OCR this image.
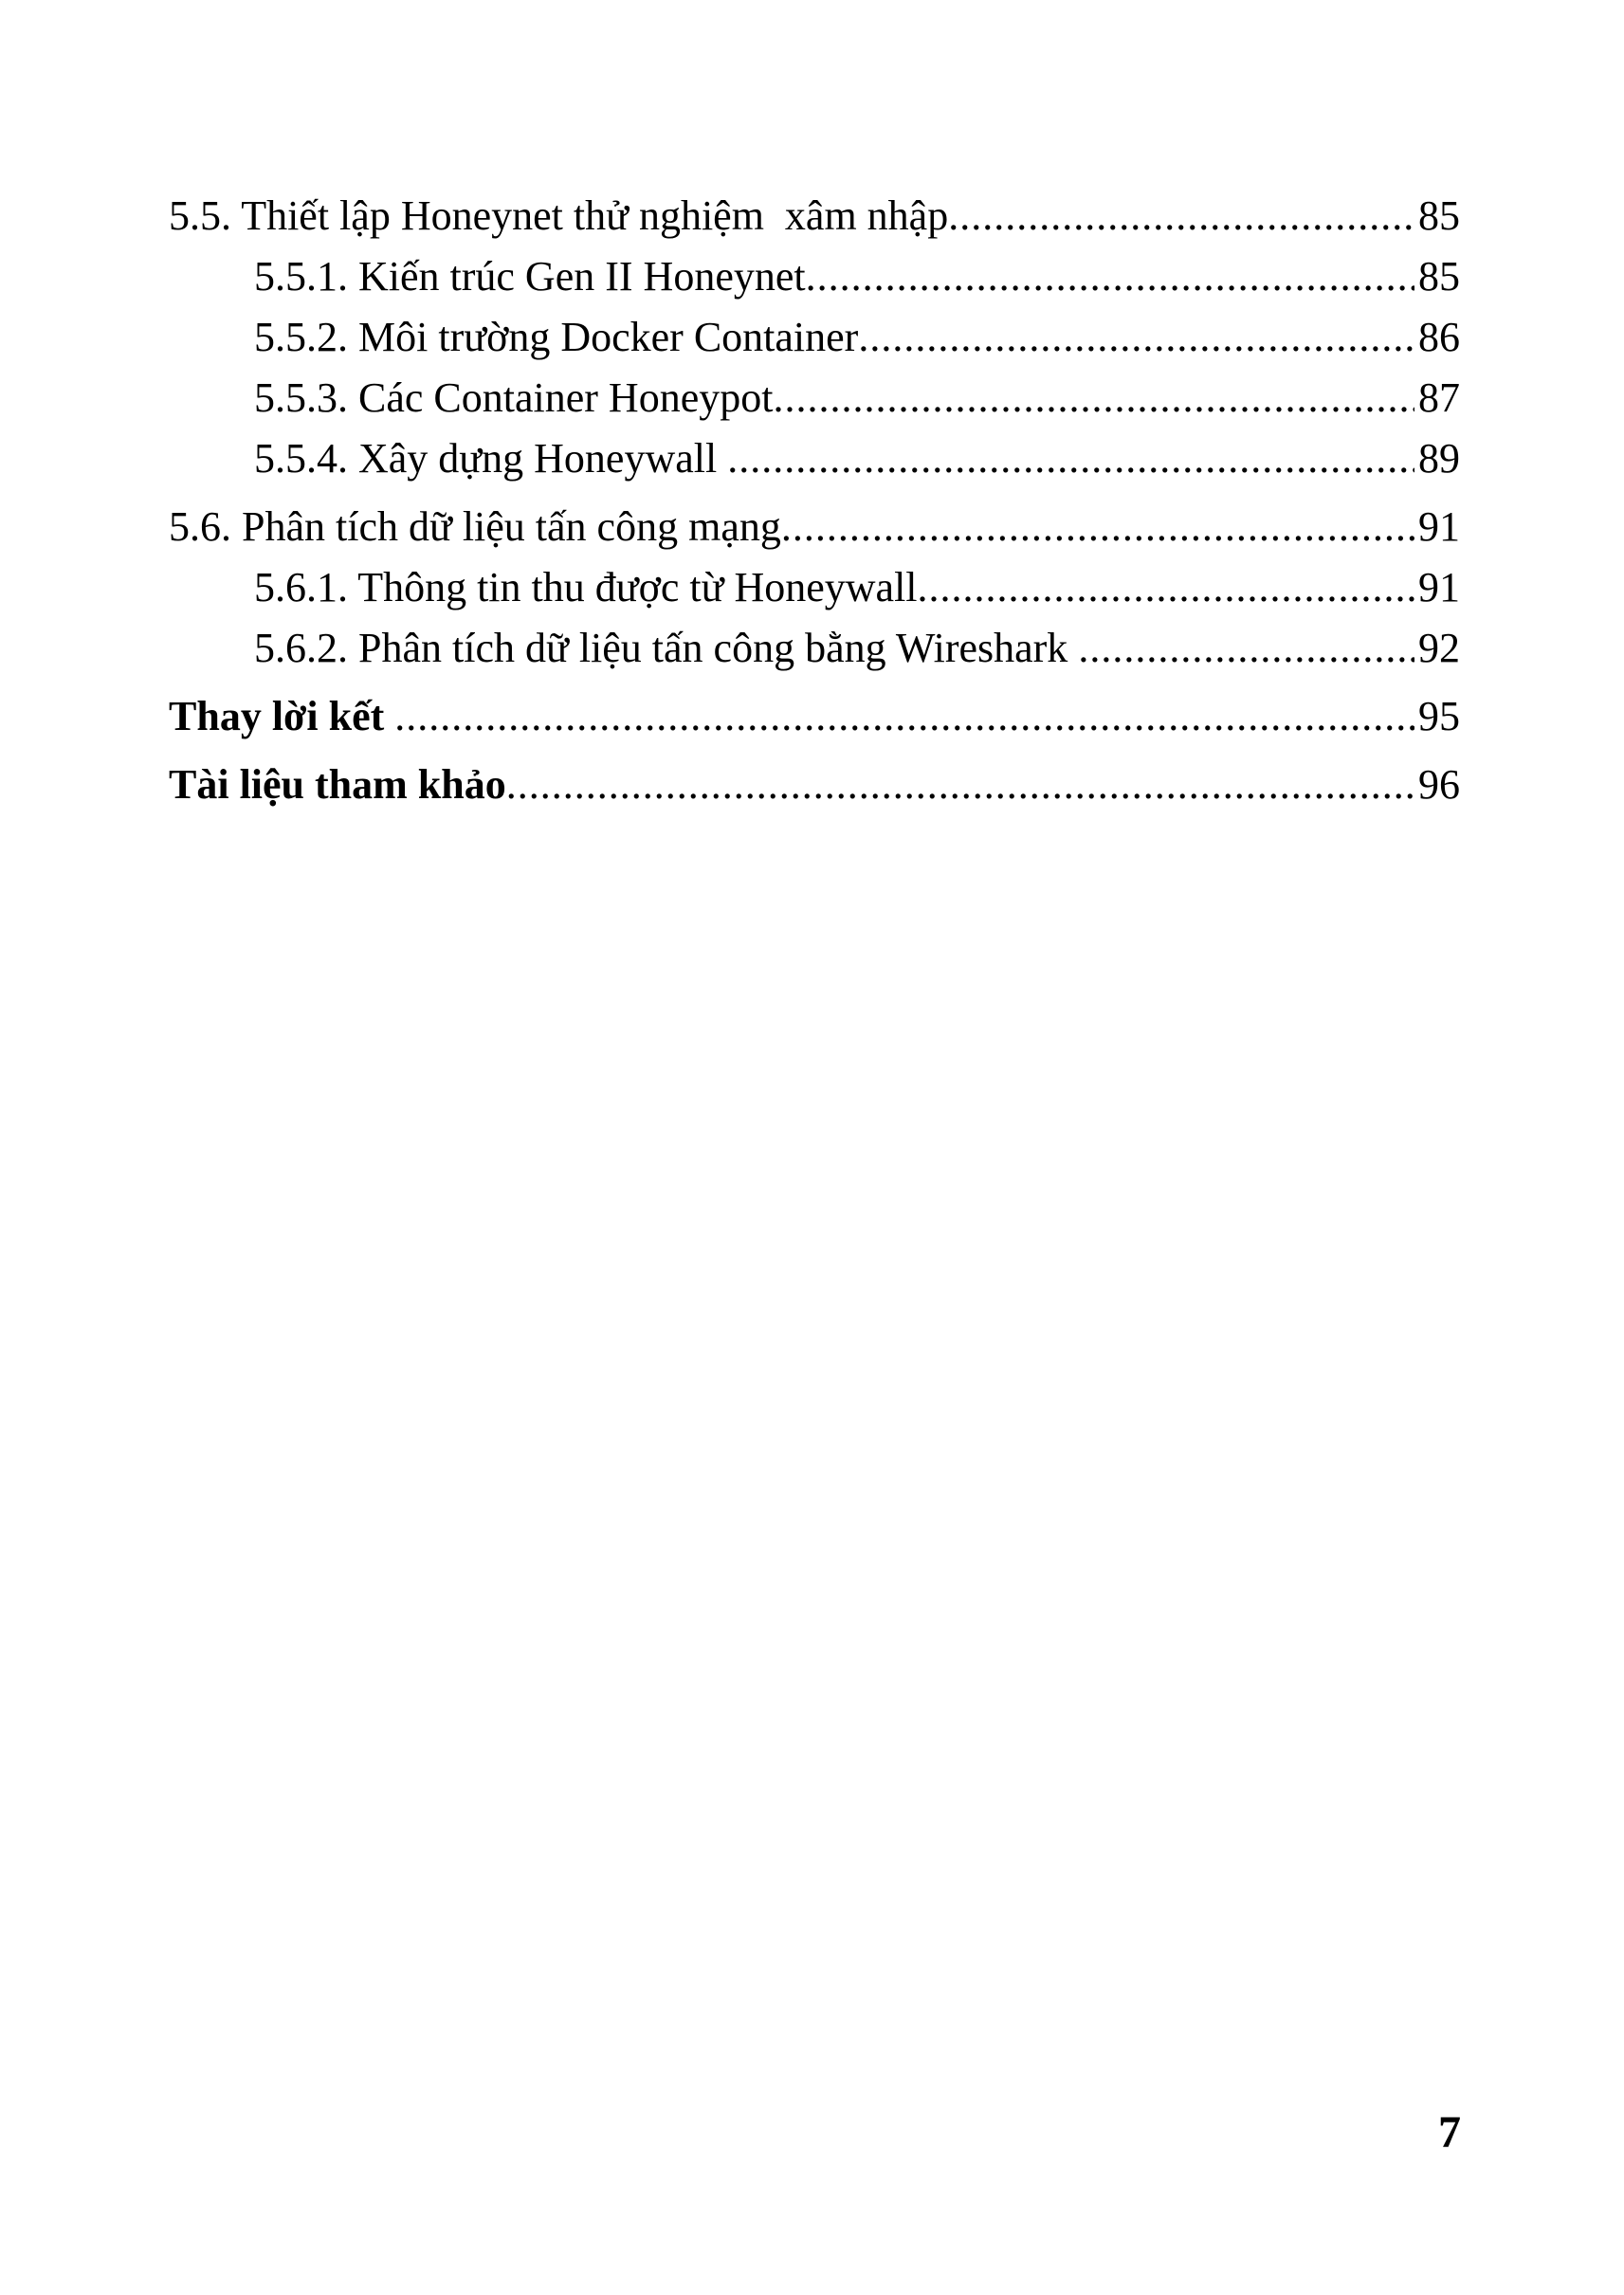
5.5. Thiết lập Honeynet thử nghiệm  xâm nhập .....	85
5.5.1. Kiến trúc Gen II Honeynet .....	85
5.5.2. Môi trường Docker Container .....	86
5.5.3. Các Container Honeypot .....	87
5.5.4. Xây dựng Honeywall .....	89
5.6. Phân tích dữ liệu tấn công mạng .....	91
5.6.1. Thông tin thu được từ Honeywall .....	91
5.6.2. Phân tích dữ liệu tấn công bằng Wireshark .....	92
Thay lời kết .....	95
Tài liệu tham khảo .....	96
7
